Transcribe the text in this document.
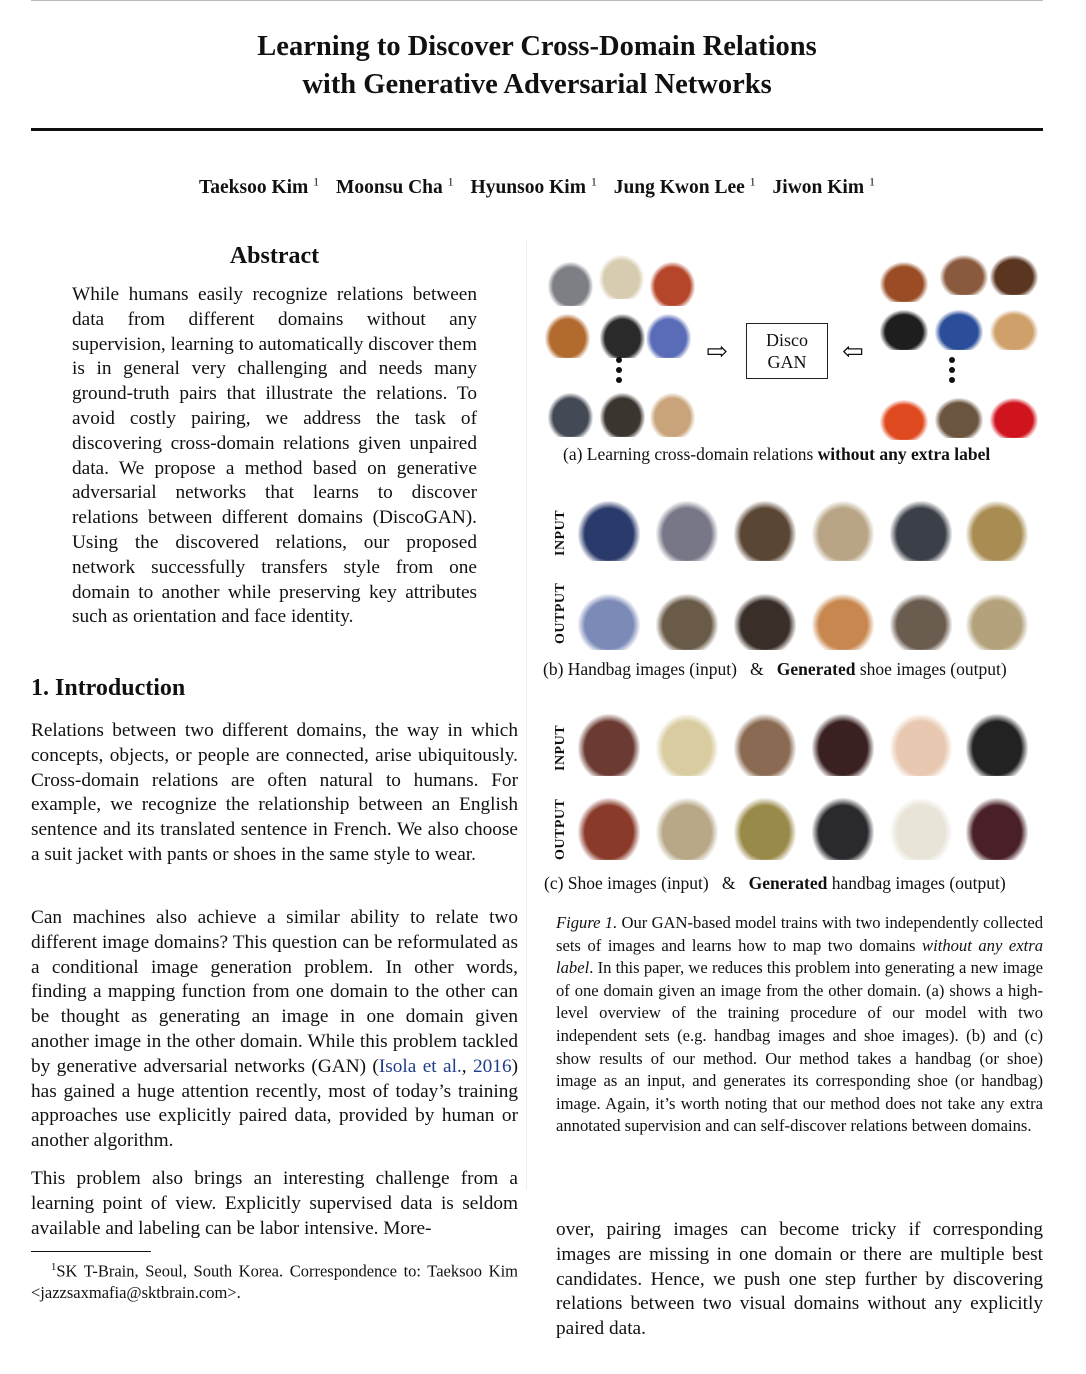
Learning to Discover Cross-Domain Relations
with Generative Adversarial Networks
Taeksoo Kim $^1$ Moonsu Cha $^1$ Hyunsoo Kim $^1$ Jung Kwon Lee $^1$ Jiwon Kim $^1$
Abstract
While humans easily recognize relations between data from different domains without any supervision, learning to automatically discover them is in general very challenging and needs many ground-truth pairs that illustrate the relations. To avoid costly pairing, we address the task of discovering cross-domain relations given unpaired data. We propose a method based on generative adversarial networks that learns to discover relations between different domains (DiscoGAN). Using the discovered relations, our proposed network successfully transfers style from one domain to another while preserving key attributes such as orientation and face identity.
1. Introduction

Relations between two different domains, the way in which concepts, objects, or people are connected, arise ubiquitously. Cross-domain relations are often natural to humans. For example, we recognize the relationship between an English sentence and its translated sentence in French. We also choose a suit jacket with pants or shoes in the same style to wear.

Can machines also achieve a similar ability to relate two different image domains? This question can be reformulated as a conditional image generation problem. In other words, finding a mapping function from one domain to the other can be thought as generating an image in one domain given another image in the other domain. While this problem tackled by generative adversarial networks (GAN) (Isola et al., 2016) has gained a huge attention recently, most of today’s training approaches use explicitly paired data, provided by human or another algorithm.

This problem also brings an interesting challenge from a learning point of view. Explicitly supervised data is seldom available and labeling can be labor intensive. More-

$^1$SK T-Brain, Seoul, South Korea. Correspondence to: Taeksoo Kim <jazzsaxmafia@sktbrain.com>.
Disco
GAN
⇨	⇦
(a) Learning cross-domain relations without any extra label
INPUT
OUTPUT
(b) Handbag images (input)   &   Generated shoe images (output)
INPUT
OUTPUT
(c) Shoe images (input)   &   Generated handbag images (output)
Figure 1. Our GAN-based model trains with two independently collected sets of images and learns how to map two domains without any extra label. In this paper, we reduces this problem into generating a new image of one domain given an image from the other domain. (a) shows a high-level overview of the training procedure of our model with two independent sets (e.g. handbag images and shoe images). (b) and (c) show results of our method. Our method takes a handbag (or shoe) image as an input, and generates its corresponding shoe (or handbag) image. Again, it’s worth noting that our method does not take any extra annotated supervision and can self-discover relations between domains.
over, pairing images can become tricky if corresponding images are missing in one domain or there are multiple best candidates. Hence, we push one step further by discovering relations between two visual domains without any explicitly paired data.
